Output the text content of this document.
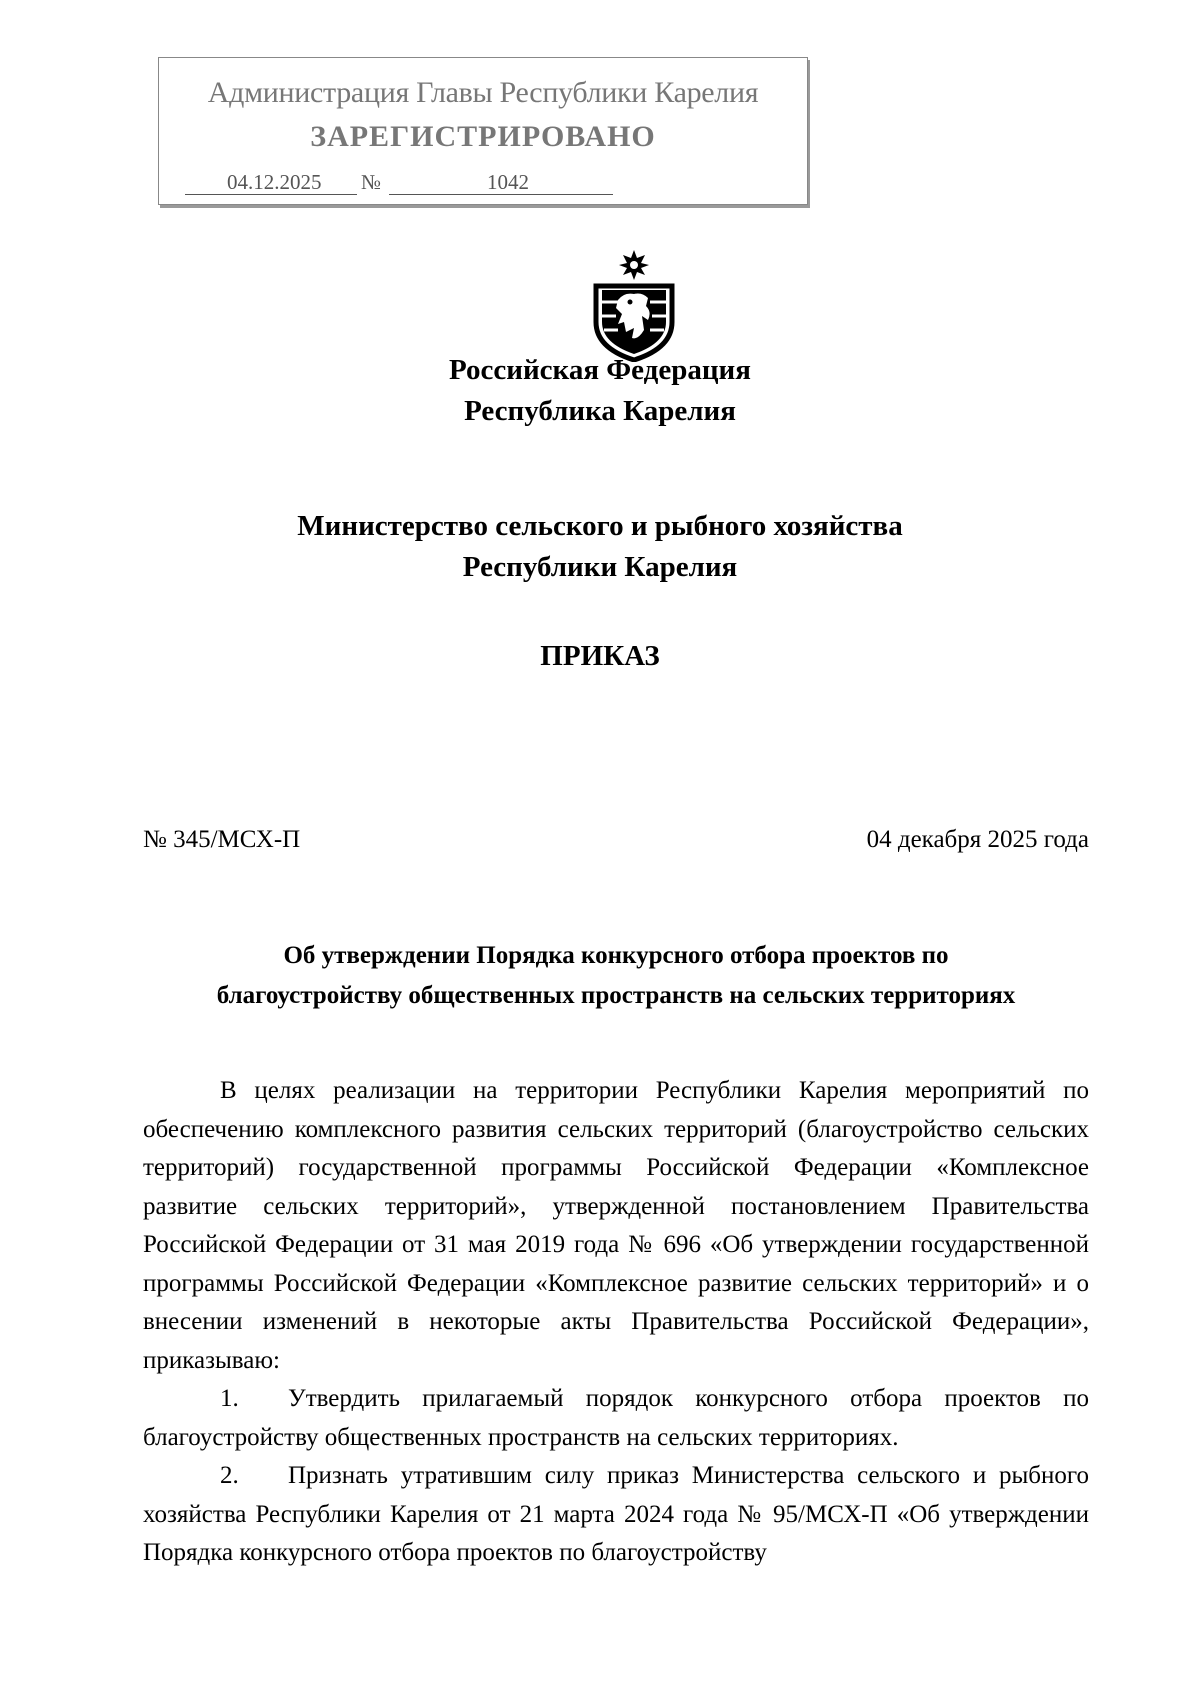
Администрация Главы Республики Карелия
ЗАРЕГИСТРИРОВАНО
04.12.2025 №	1042
Российская Федерация
Республика Карелия
Министерство сельского и рыбного хозяйства
Республики Карелия
ПРИКАЗ
№ 345/МСХ-П	04 декабря 2025 года
Об утверждении Порядка конкурсного отбора проектов по
благоустройству общественных пространств на сельских территориях

В целях реализации на территории Республики Карелия мероприятий по обеспечению комплексного развития сельских территорий (благоустройство сельских территорий) государственной программы Российской Федерации «Комплексное развитие сельских территорий», утвержденной постановлением Правительства Российской Федерации от 31 мая 2019 года № 696 «Об утверждении государственной программы Российской Федерации «Комплексное развитие сельских территорий» и о внесении изменений в некоторые акты Правительства Российской Федерации», приказываю:

1. Утвердить прилагаемый порядок конкурсного отбора проектов по благоустройству общественных пространств на сельских территориях.

2. Признать утратившим силу приказ Министерства сельского и рыбного хозяйства Республики Карелия от 21 марта 2024 года № 95/МСХ-П «Об утверждении Порядка конкурсного отбора проектов по благоустройству
